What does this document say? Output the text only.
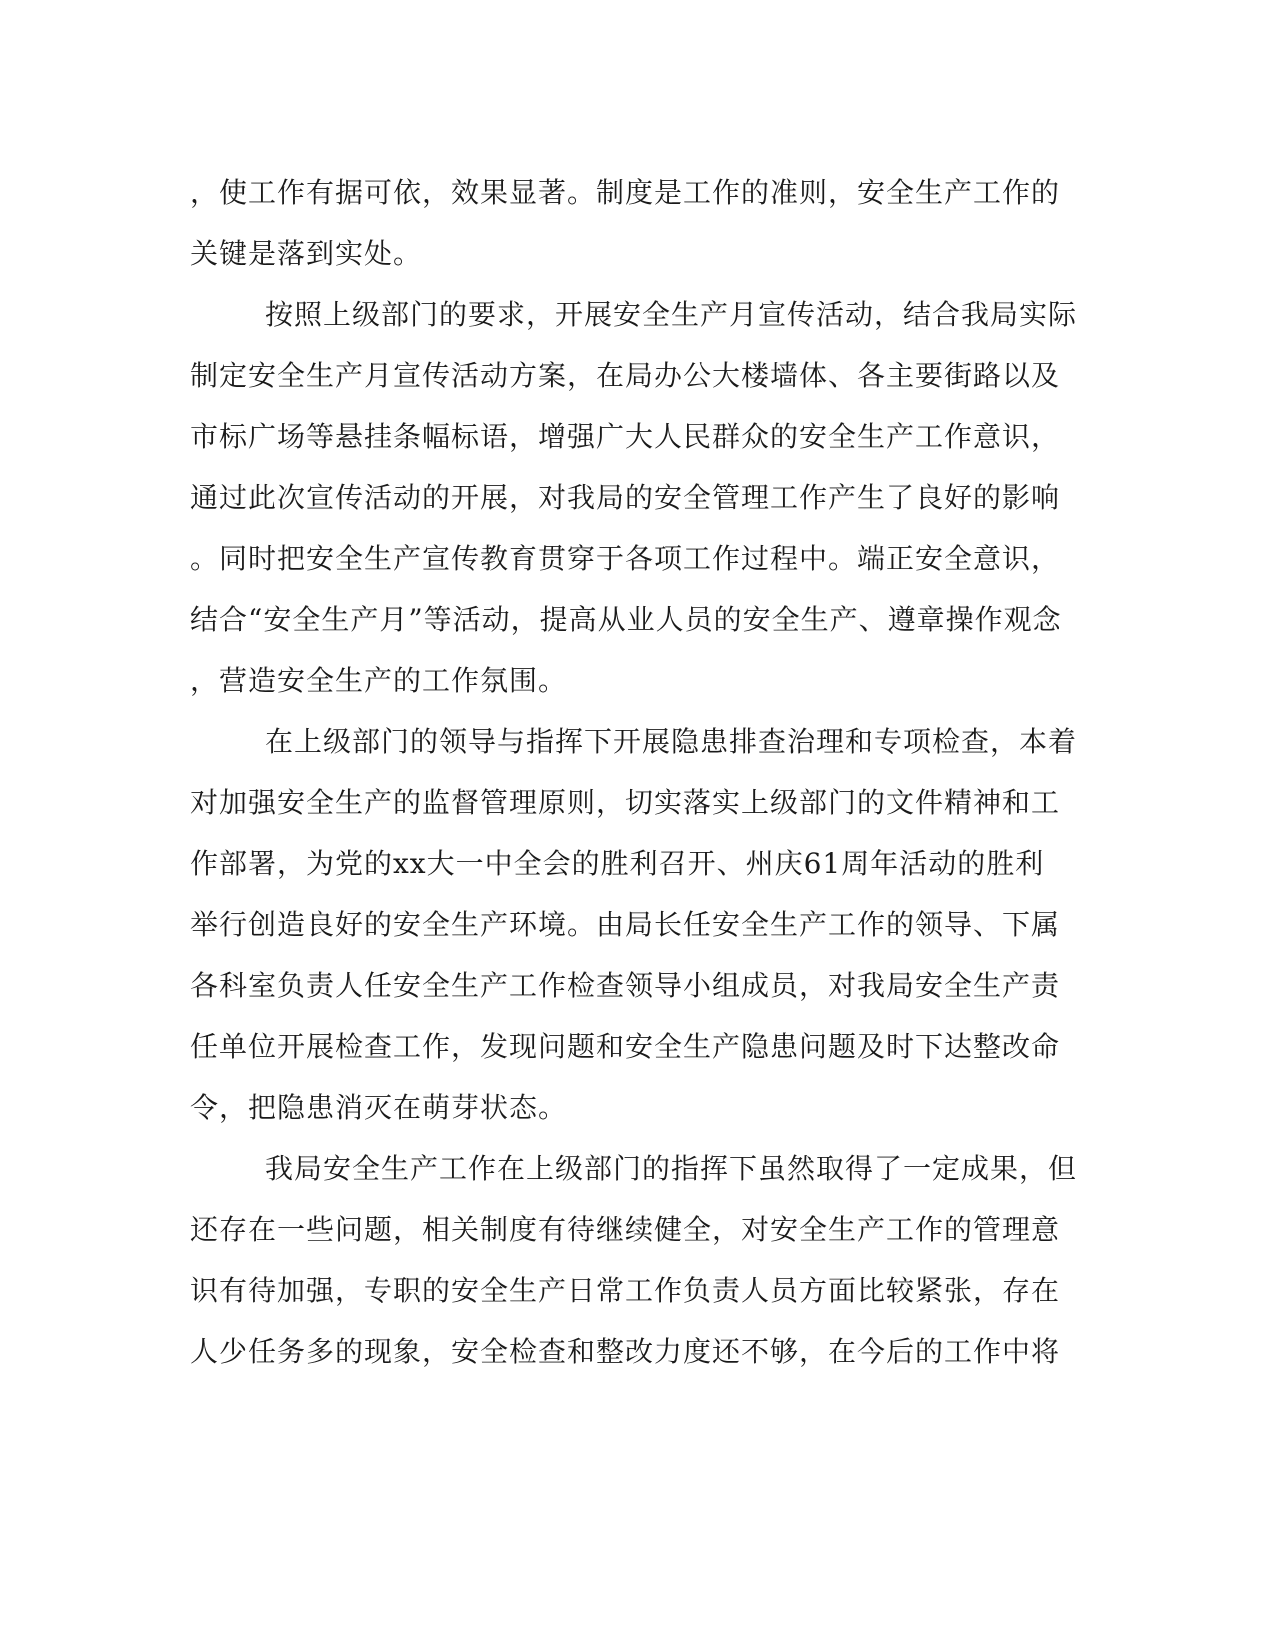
，使工作有据可依，效果显著。制度是工作的准则，安全生产工作的
关键是落到实处。
按照上级部门的要求，开展安全生产月宣传活动，结合我局实际
制定安全生产月宣传活动方案，在局办公大楼墙体、各主要街路以及
市标广场等悬挂条幅标语，增强广大人民群众的安全生产工作意识，
通过此次宣传活动的开展，对我局的安全管理工作产生了良好的影响
。同时把安全生产宣传教育贯穿于各项工作过程中。端正安全意识，
结合“安全生产月”等活动，提高从业人员的安全生产、遵章操作观念
，营造安全生产的工作氛围。
在上级部门的领导与指挥下开展隐患排查治理和专项检查，本着
对加强安全生产的监督管理原则，切实落实上级部门的文件精神和工
作部署，为党的xx大一中全会的胜利召开、州庆61周年活动的胜利
举行创造良好的安全生产环境。由局长任安全生产工作的领导、下属
各科室负责人任安全生产工作检查领导小组成员，对我局安全生产责
任单位开展检查工作，发现问题和安全生产隐患问题及时下达整改命
令，把隐患消灭在萌芽状态。
我局安全生产工作在上级部门的指挥下虽然取得了一定成果，但
还存在一些问题，相关制度有待继续健全，对安全生产工作的管理意
识有待加强，专职的安全生产日常工作负责人员方面比较紧张，存在
人少任务多的现象，安全检查和整改力度还不够，在今后的工作中将
